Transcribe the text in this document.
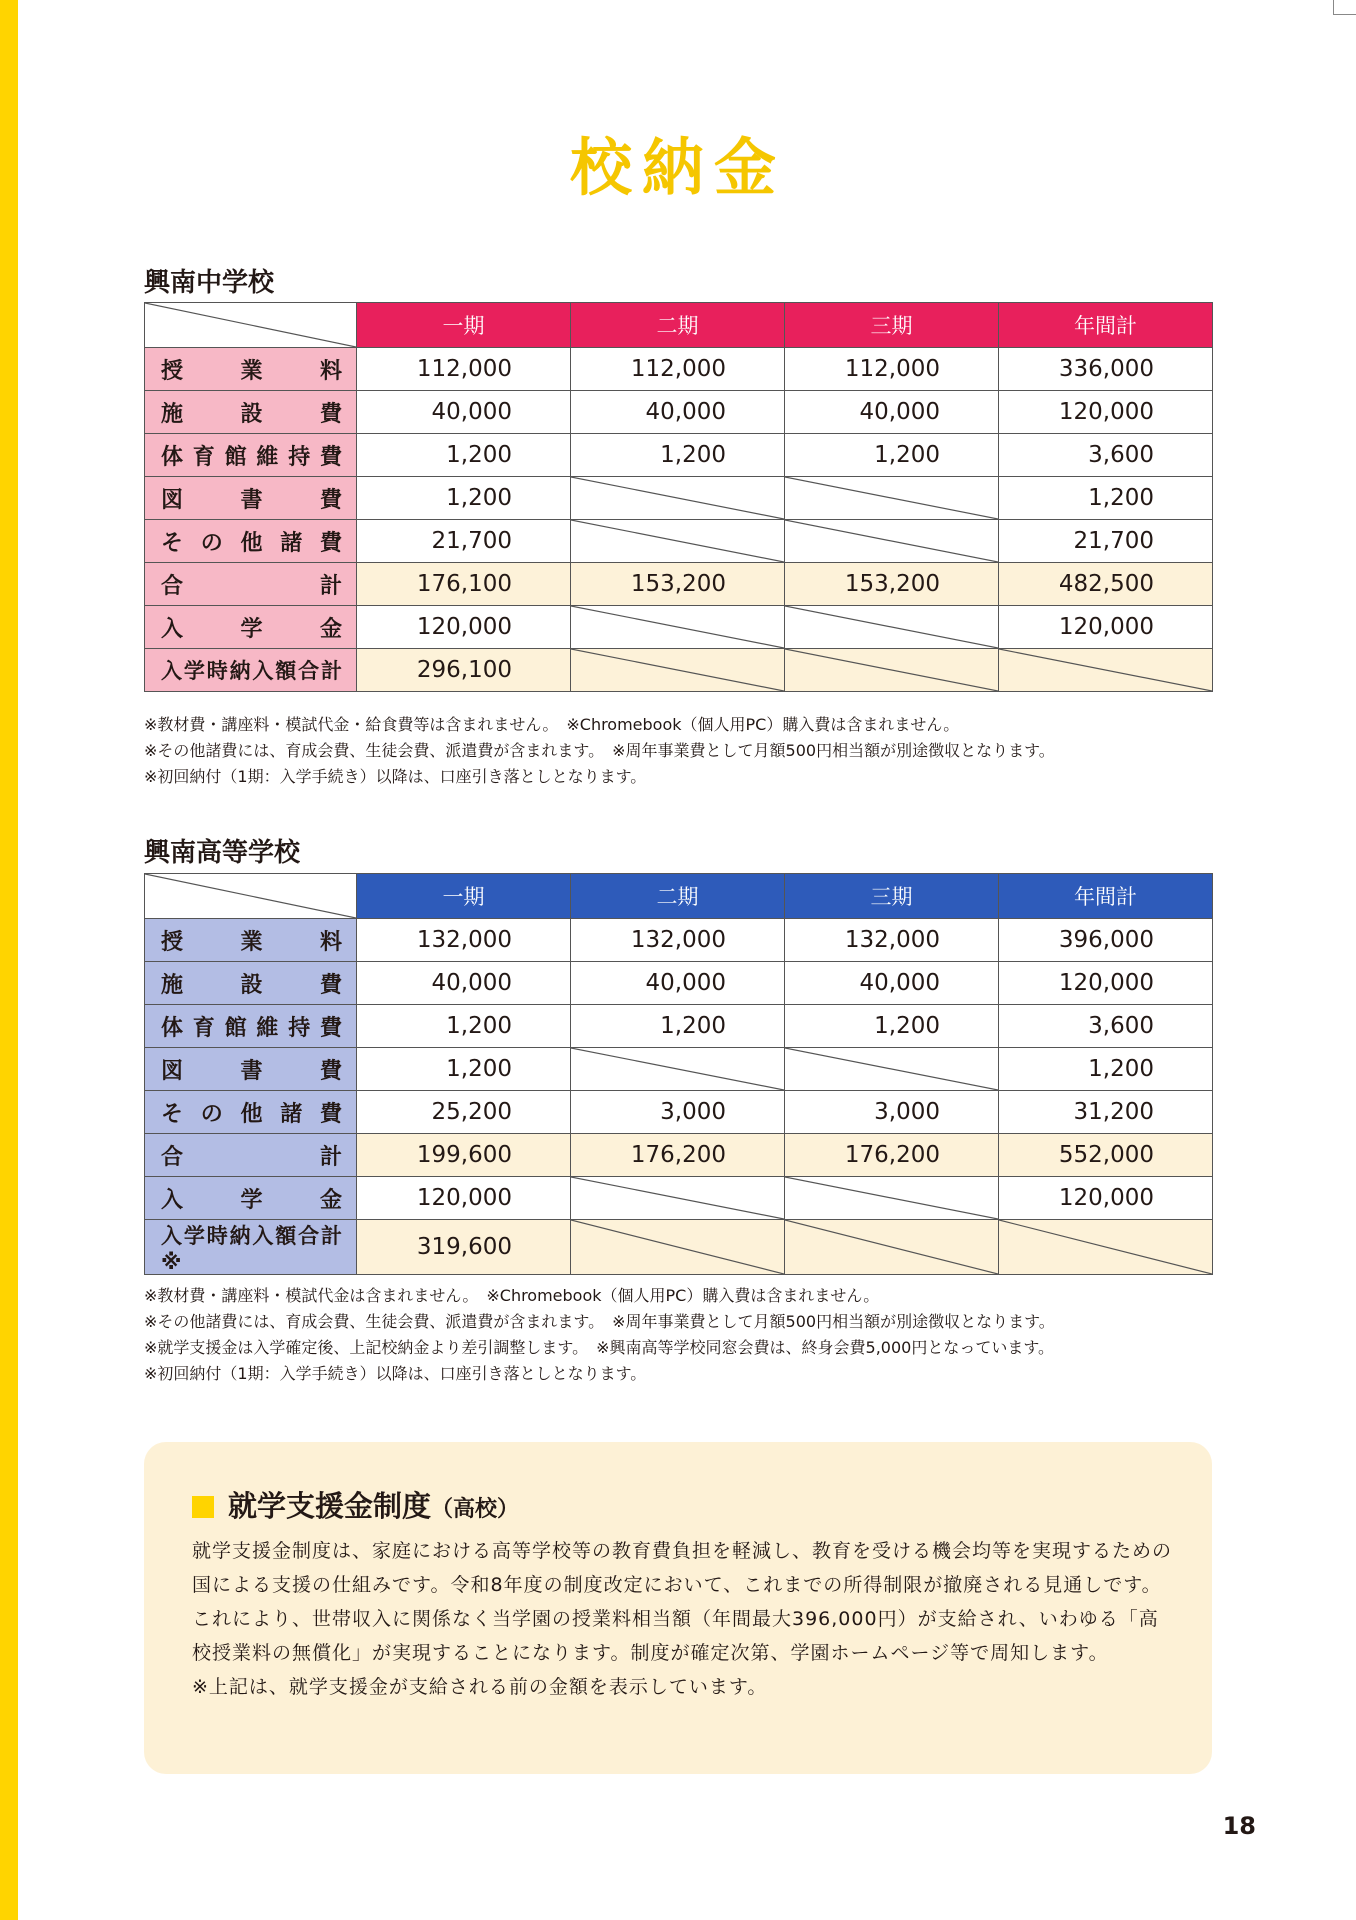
校納金
興南中学校
	一期	二期	三期	年間計
授業料	112,000	112,000	112,000	336,000
施設費	40,000	40,000	40,000	120,000
体育館維持費	1,200	1,200	1,200	3,600
図書費	1,200			1,200
その他諸費	21,700			21,700
合計	176,100	153,200	153,200	482,500
入学金	120,000			120,000
入学時納入額合計	296,100	

※教材費・講座料・模試代金・給食費等は含まれません。　※Chromebook（個人用PC）購入費は含まれません。
※その他諸費には、育成会費、生徒会費、派遣費が含まれます。　※周年事業費として月額500円相当額が別途徴収となります。
※初回納付（1期：入学手続き）以降は、口座引き落としとなります。
興南高等学校
	一期	二期	三期	年間計
授業料	132,000	132,000	132,000	396,000
施設費	40,000	40,000	40,000	120,000
体育館維持費	1,200	1,200	1,200	3,600
図書費	1,200			1,200
その他諸費	25,200	3,000	3,000	31,200
合計	199,600	176,200	176,200	552,000
入学金	120,000			120,000
入学時納入額合計※	319,600	

※教材費・講座料・模試代金は含まれません。　※Chromebook（個人用PC）購入費は含まれません。
※その他諸費には、育成会費、生徒会費、派遣費が含まれます。　※周年事業費として月額500円相当額が別途徴収となります。
※就学支援金は入学確定後、上記校納金より差引調整します。　※興南高等学校同窓会費は、終身会費5,000円となっています。
※初回納付（1期：入学手続き）以降は、口座引き落としとなります。
就学支援金制度（高校）
就学支援金制度は、家庭における高等学校等の教育費負担を軽減し、教育を受ける機会均等を実現するための国による支援の仕組みです。令和8年度の制度改定において、これまでの所得制限が撤廃される見通しです。これにより、世帯収入に関係なく当学園の授業料相当額（年間最大396,000円）が支給され、いわゆる「高校授業料の無償化」が実現することになります。制度が確定次第、学園ホームページ等で周知します。
※上記は、就学支援金が支給される前の金額を表示しています。
18
